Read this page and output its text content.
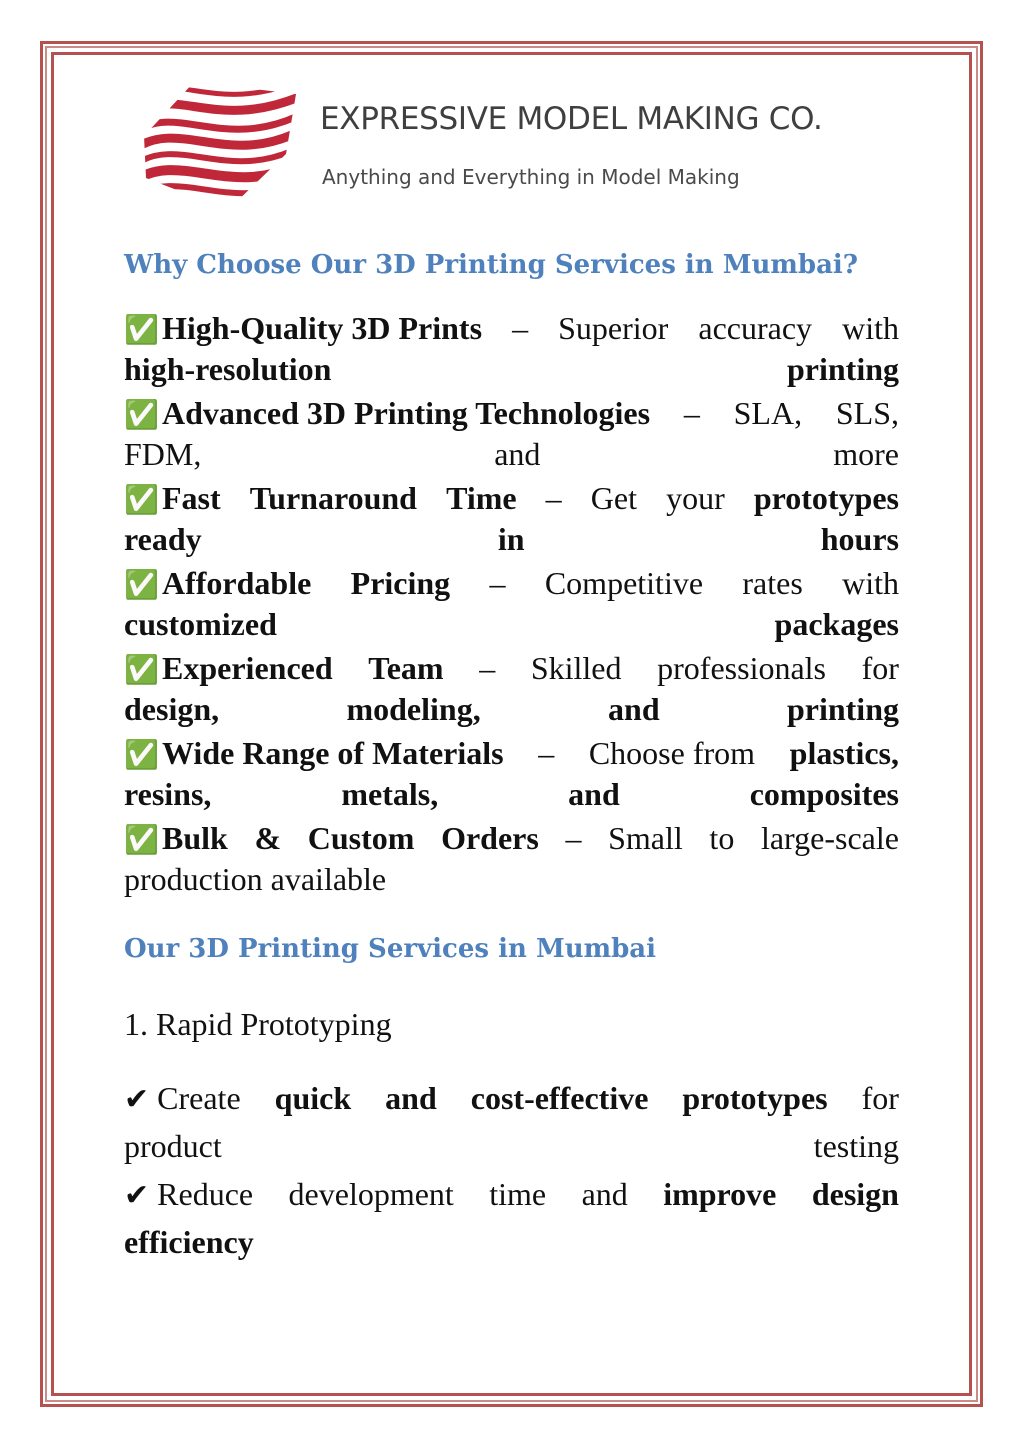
EXPRESSIVE MODEL MAKING CO.
Anything and Everything in Model Making
Why Choose Our 3D Printing Services in Mumbai?
✅High-Quality 3D Prints – Superior accuracy with
high-resolution	printing
✅Advanced 3D Printing Technologies – SLA, SLS,
FDM,	and	more
✅Fast Turnaround Time – Get your prototypes
ready	in	hours
✅Affordable Pricing – Competitive rates with
customized	packages
✅Experienced Team – Skilled professionals for
design,	modeling,	and	printing
✅Wide Range of Materials – Choose from plastics,
resins,	metals,	and	composites
✅Bulk & Custom Orders – Small to large-scale
production available
Our 3D Printing Services in Mumbai
1. Rapid Prototyping
✔ Create quick and cost-effective prototypes for
product	testing
✔ Reduce development time and improve design
efficiency
